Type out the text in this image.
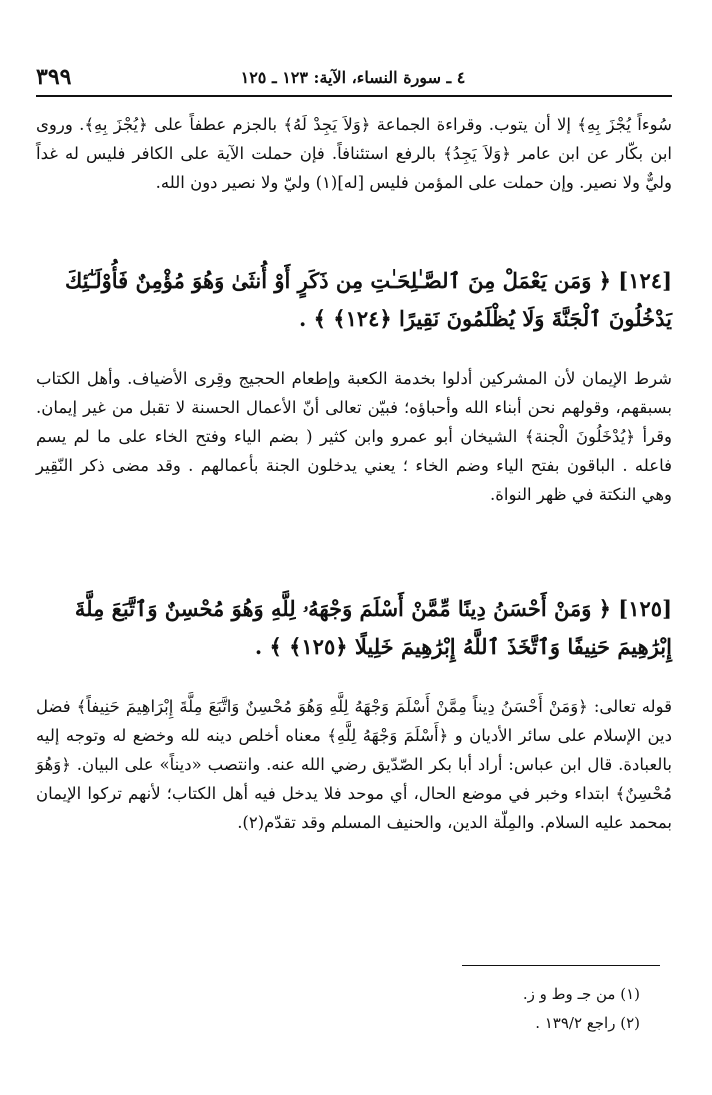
٣٩٩	٤ ـ سورة النساء، الآية: ١٢٣ ـ ١٢٥

سُوءاً يُجْزَ بِهِ﴾ إلا أن يتوب. وقراءة الجماعة ﴿وَلاَ يَجِدْ لَهُ﴾ بالجزم عطفاً على ﴿يُجْزَ بِهِ﴾. وروى ابن بكّار عن ابن عامر ﴿وَلاَ يَجِدُ﴾ بالرفع استئنافاً. فإن حملت الآية على الكافر فليس له غداً وليٌّ ولا نصير. وإن حملت على المؤمن فليس [له](١) وليّ ولا نصير دون الله.

[١٢٤] ﴿ وَمَن يَعْمَلْ مِنَ ٱلصَّـٰلِحَـٰتِ مِن ذَكَرٍ أَوْ أُنثَىٰ وَهُوَ مُؤْمِنٌ فَأُوْلَـٰٓئِكَ يَدْخُلُونَ ٱلْجَنَّةَ وَلَا يُظْلَمُونَ نَقِيرًا ﴿١٢٤﴾ ﴾ .

شرط الإيمان لأن المشركين أدلوا بخدمة الكعبة وإطعام الحجيج وقِرى الأضياف. وأهل الكتاب بسبقهم، وقولهم نحن أبناء الله وأحباؤه؛ فبيّن تعالى أنّ الأعمال الحسنة لا تقبل من غير إيمان. وقرأ ﴿يُدْخَلُونَ الْجنة﴾ الشيخان أبو عمرو وابن كثير ( بضم الياء وفتح الخاء على ما لم يسم فاعله . الباقون بفتح الياء وضم الخاء ؛ يعني يدخلون الجنة بأعمالهم . وقد مضى ذكر النّقِير وهي النكتة في ظهر النواة.

[١٢٥] ﴿ وَمَنْ أَحْسَنُ دِينًا مِّمَّنْ أَسْلَمَ وَجْهَهُۥ لِلَّهِ وَهُوَ مُحْسِنٌ وَٱتَّبَعَ مِلَّةَ إِبْرَٰهِيمَ حَنِيفًا وَٱتَّخَذَ ٱللَّهُ إِبْرَٰهِيمَ خَلِيلًا ﴿١٢٥﴾ ﴾ .

قوله تعالى: ﴿وَمَنْ أَحْسَنُ دِيناً مِمَّنْ أَسْلَمَ وَجْهَهُ لِلَّهِ وَهُوَ مُحْسِنٌ وَاتَّبَعَ مِلَّةَ إِبْرَاهِيمَ حَنِيفاً﴾ فضل دين الإسلام على سائر الأديان و ﴿أَسْلَمَ وَجْهَهُ لِلَّهِ﴾ معناه أخلص دينه لله وخضع له وتوجه إليه بالعبادة. قال ابن عباس: أراد أبا بكر الصّدّيق رضي الله عنه. وانتصب «ديناً» على البيان. ﴿وَهُوَ مُحْسِنٌ﴾ ابتداء وخبر في موضع الحال، أي موحد فلا يدخل فيه أهل الكتاب؛ لأنهم تركوا الإيمان بمحمد عليه السلام. والمِلّة الدين، والحنيف المسلم وقد تقدّم(٢).

(١) من جـ وط و ز.
(٢) راجع ١٣٩/٢ .
